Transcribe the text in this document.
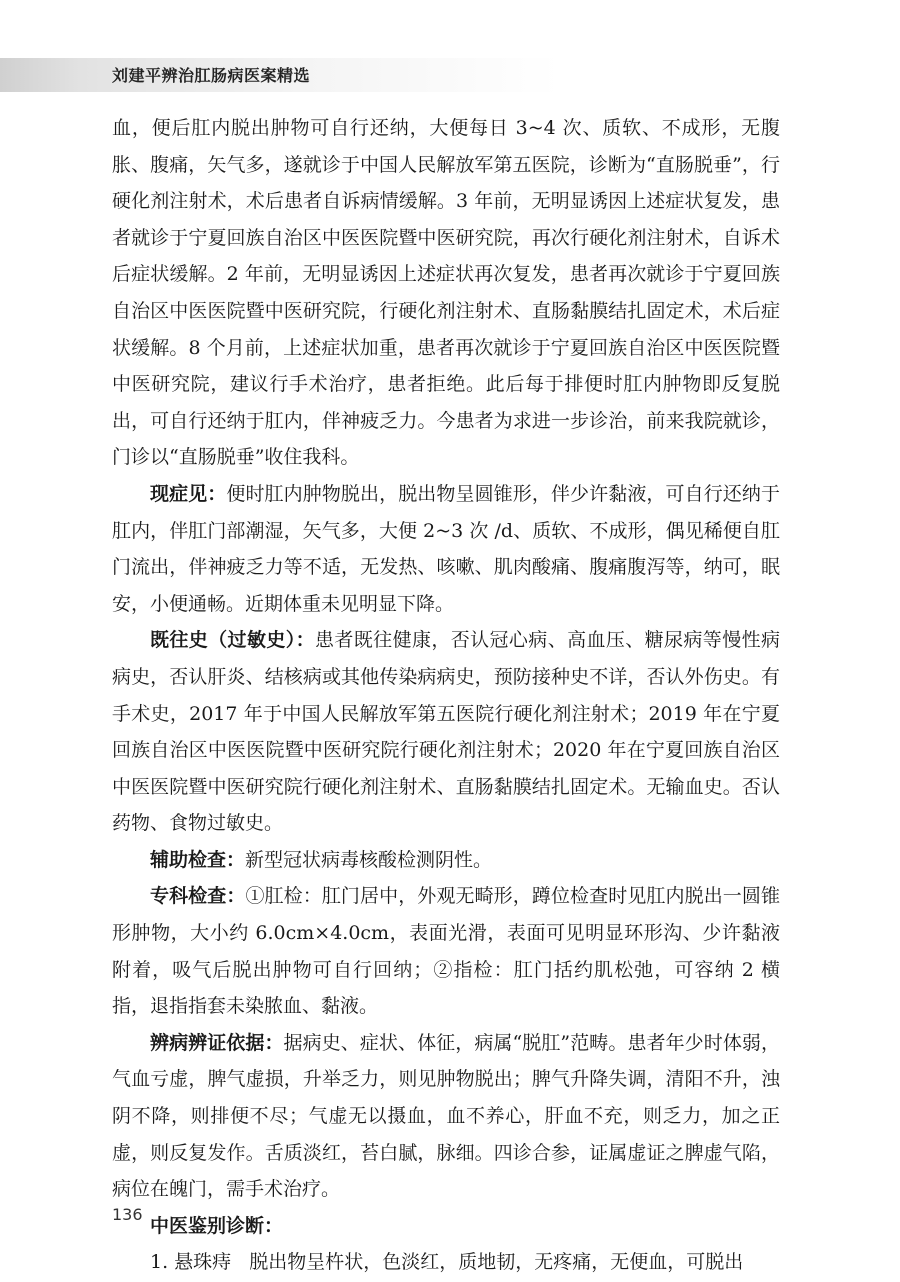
刘建平辨治肛肠病医案精选

血，便后肛内脱出肿物可自行还纳，大便每日 3~4 次、质软、不成形，无腹胀、腹痛，矢气多，遂就诊于中国人民解放军第五医院，诊断为“直肠脱垂”，行硬化剂注射术，术后患者自诉病情缓解。3 年前，无明显诱因上述症状复发，患者就诊于宁夏回族自治区中医医院暨中医研究院，再次行硬化剂注射术，自诉术后症状缓解。2 年前，无明显诱因上述症状再次复发，患者再次就诊于宁夏回族自治区中医医院暨中医研究院，行硬化剂注射术、直肠黏膜结扎固定术，术后症状缓解。8 个月前，上述症状加重，患者再次就诊于宁夏回族自治区中医医院暨中医研究院，建议行手术治疗，患者拒绝。此后每于排便时肛内肿物即反复脱出，可自行还纳于肛内，伴神疲乏力。今患者为求进一步诊治，前来我院就诊，门诊以“直肠脱垂”收住我科。

现症见：便时肛内肿物脱出，脱出物呈圆锥形，伴少许黏液，可自行还纳于肛内，伴肛门部潮湿，矢气多，大便 2~3 次 /d、质软、不成形，偶见稀便自肛门流出，伴神疲乏力等不适，无发热、咳嗽、肌肉酸痛、腹痛腹泻等，纳可，眠安，小便通畅。近期体重未见明显下降。

既往史（过敏史）：患者既往健康，否认冠心病、高血压、糖尿病等慢性病病史，否认肝炎、结核病或其他传染病病史，预防接种史不详，否认外伤史。有手术史，2017 年于中国人民解放军第五医院行硬化剂注射术；2019 年在宁夏回族自治区中医医院暨中医研究院行硬化剂注射术；2020 年在宁夏回族自治区中医医院暨中医研究院行硬化剂注射术、直肠黏膜结扎固定术。无输血史。否认药物、食物过敏史。

辅助检查：新型冠状病毒核酸检测阴性。

专科检查：①肛检：肛门居中，外观无畸形，蹲位检查时见肛内脱出一圆锥形肿物，大小约 6.0cm×4.0cm，表面光滑，表面可见明显环形沟、少许黏液附着，吸气后脱出肿物可自行回纳；②指检：肛门括约肌松弛，可容纳 2 横指，退指指套未染脓血、黏液。

辨病辨证依据：据病史、症状、体征，病属“脱肛”范畴。患者年少时体弱，气血亏虚，脾气虚损，升举乏力，则见肿物脱出；脾气升降失调，清阳不升，浊阴不降，则排便不尽；气虚无以摄血，血不养心，肝血不充，则乏力，加之正虚，则反复发作。舌质淡红，苔白腻，脉细。四诊合参，证属虚证之脾虚气陷，病位在魄门，需手术治疗。

中医鉴别诊断：

1. 悬珠痔 脱出物呈杵状，色淡红，质地韧，无疼痛，无便血，可脱出

136
